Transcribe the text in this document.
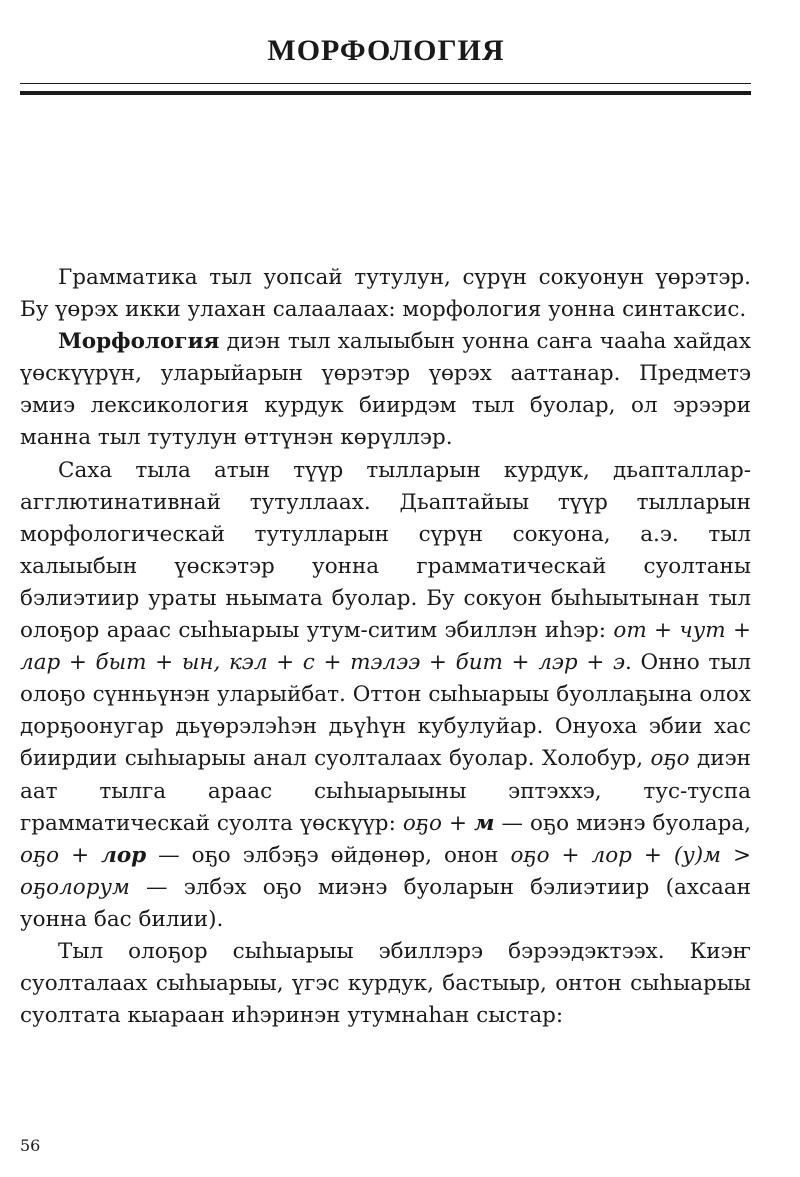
МОРФОЛОГИЯ

Грамматика тыл уопсай тутулун, сүрүн сокуонун үөрэтэр. Бу үөрэх икки улахан салаалаах: морфология уонна синтаксис.

Морфология диэн тыл халыыбын уонна саҥа чааһа хайдах үөскүүрүн, уларыйарын үөрэтэр үөрэх ааттанар. Предметэ эмиэ лексикология курдук биирдэм тыл буолар, ол эрээри манна тыл тутулун өттүнэн көрүллэр.

Саха тыла атын түүр тылларын курдук, дьапталлар-агглютинативнай тутуллаах. Дьаптайыы түүр тылларын морфологическай тутулларын сүрүн сокуона, а.э. тыл халыыбын үөскэтэр уонна грамматическай суолтаны бэлиэтиир ураты ньымата буолар. Бу сокуон быһыытынан тыл олоҕор араас сыһыарыы утум-ситим эбиллэн иһэр: от + чут + лар + быт + ын, кэл + с + тэлээ + бит + лэр + э. Онно тыл олоҕо сүнньүнэн уларыйбат. Оттон сыһыарыы буоллаҕына олох дорҕоонугар дьүөрэлэһэн дьүһүн кубулуйар. Онуоха эбии хас биирдии сыһыарыы анал суолталаах буолар. Холобур, оҕо диэн аат тылга араас сыһыарыыны эптэххэ, тус-туспа грамматическай суолта үөскүүр: оҕо + м — оҕо миэнэ буолара, оҕо + лор — оҕо элбэҕэ өйдөнөр, онон оҕо + лор + (у)м > оҕолорум — элбэх оҕо миэнэ буоларын бэлиэтиир (ахсаан уонна бас билии).

Тыл олоҕор сыһыарыы эбиллэрэ бэрээдэктээх. Киэҥ суолталаах сыһыарыы, үгэс курдук, бастыыр, онтон сыһыарыы суолтата кыараан иһэринэн утумнаһан сыстар:

56
